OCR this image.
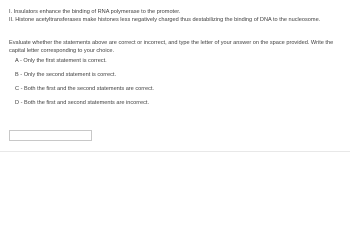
I. Insulators enhance the binding of RNA polymerase to the promoter.
II. Histone acetyltransferases make histones less negatively charged thus destabilizing the binding of DNA to the nucleosome.
Evaluate whether the statements above are correct or incorrect, and type the letter of your answer on the space provided. Write the capital letter corresponding to your choice.
A - Only the first statement is correct.
B - Only the second statement is correct.
C - Both the first and the second statements are correct.
D - Both the first and second statements are incorrect.
